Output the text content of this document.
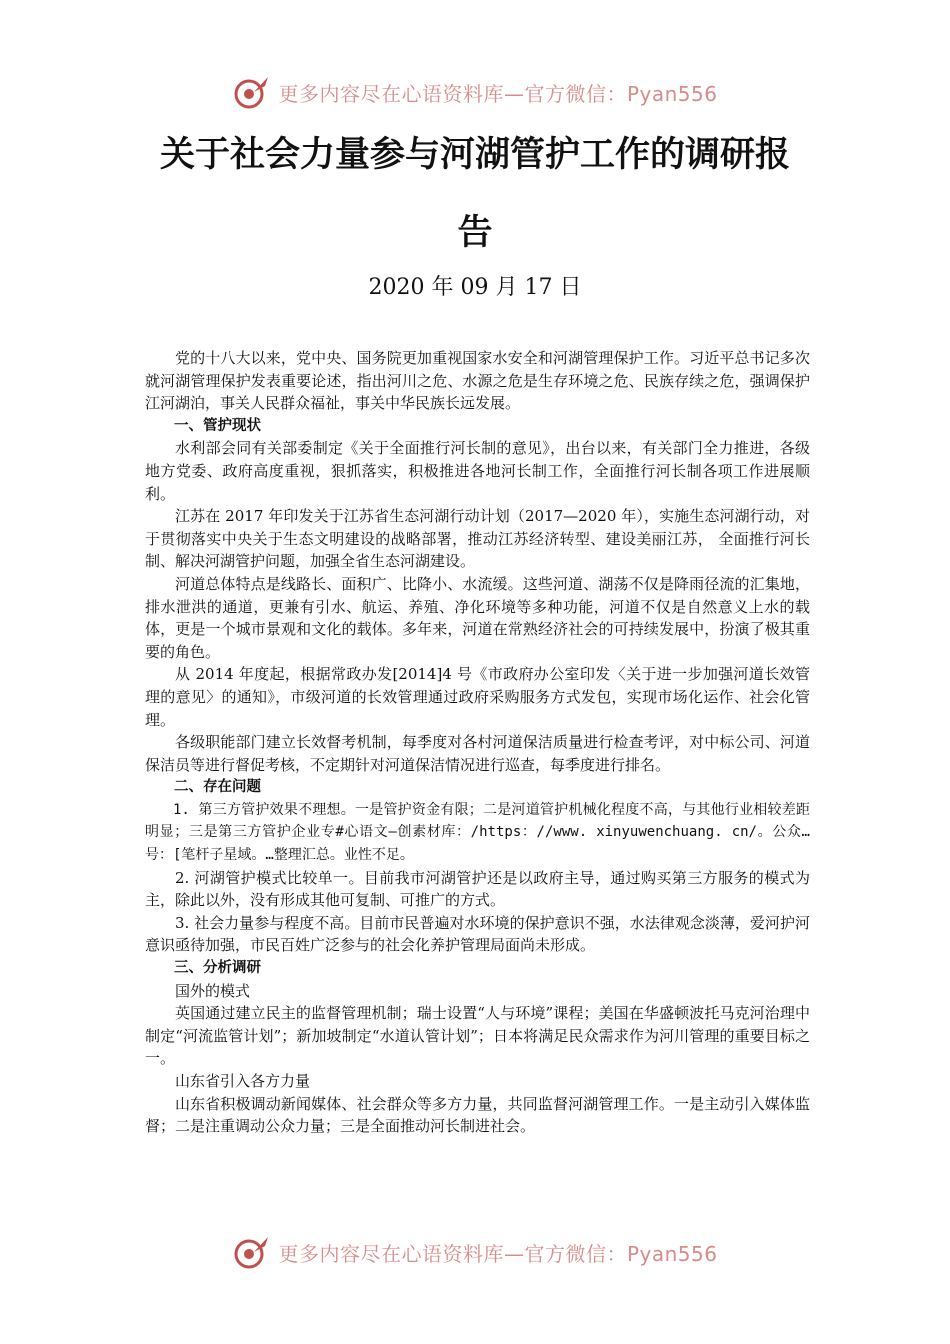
更多内容尽在心语资料库—官方微信：Pyan556
关于社会力量参与河湖管护工作的调研报
告
2020 年 09 月 17 日

党的十八大以来，党中央、国务院更加重视国家水安全和河湖管理保护工作。习近平总书记多次就河湖管理保护发表重要论述，指出河川之危、水源之危是生存环境之危、民族存续之危，强调保护江河湖泊，事关人民群众福祉，事关中华民族长远发展。

一、管护现状

水利部会同有关部委制定《关于全面推行河长制的意见》，出台以来，有关部门全力推进，各级地方党委、政府高度重视，狠抓落实，积极推进各地河长制工作，全面推行河长制各项工作进展顺利。

江苏在 2017 年印发关于江苏省生态河湖行动计划（2017—2020 年），实施生态河湖行动，对于贯彻落实中央关于生态文明建设的战略部署，推动江苏经济转型、建设美丽江苏， 全面推行河长制、解决河湖管护问题，加强全省生态河湖建设。

河道总体特点是线路长、面积广、比降小、水流缓。这些河道、湖荡不仅是降雨径流的汇集地，排水泄洪的通道，更兼有引水、航运、养殖、净化环境等多种功能，河道不仅是自然意义上水的载体，更是一个城市景观和文化的载体。多年来，河道在常熟经济社会的可持续发展中，扮演了极其重要的角色。

从 2014 年度起，根据常政办发[2014]4 号《市政府办公室印发〈关于进一步加强河道长效管理的意见〉的通知》，市级河道的长效管理通过政府采购服务方式发包，实现市场化运作、社会化管理。

各级职能部门建立长效督考机制，每季度对各村河道保洁质量进行检查考评，对中标公司、河道保洁员等进行督促考核，不定期针对河道保洁情况进行巡查，每季度进行排名。

二、存在问题

1. 第三方管护效果不理想。一是管护资金有限；二是河道管护机械化程度不高，与其他行业相较差距明显；三是第三方管护企业专#心语文—创素材库：/https：//www. xinyuwenchuang. cn/。公众…号：[笔杆子星域。…整理汇总。业性不足。

2. 河湖管护模式比较单一。目前我市河湖管护还是以政府主导，通过购买第三方服务的模式为主，除此以外，没有形成其他可复制、可推广的方式。

3. 社会力量参与程度不高。目前市民普遍对水环境的保护意识不强，水法律观念淡薄，爱河护河意识亟待加强，市民百姓广泛参与的社会化养护管理局面尚未形成。

三、分析调研

国外的模式

英国通过建立民主的监督管理机制；瑞士设置“人与环境”课程；美国在华盛顿波托马克河治理中制定“河流监管计划”；新加坡制定“水道认管计划”；日本将满足民众需求作为河川管理的重要目标之一。

山东省引入各方力量

山东省积极调动新闻媒体、社会群众等多方力量，共同监督河湖管理工作。一是主动引入媒体监督；二是注重调动公众力量；三是全面推动河长制进社会。

更多内容尽在心语资料库—官方微信：Pyan556
